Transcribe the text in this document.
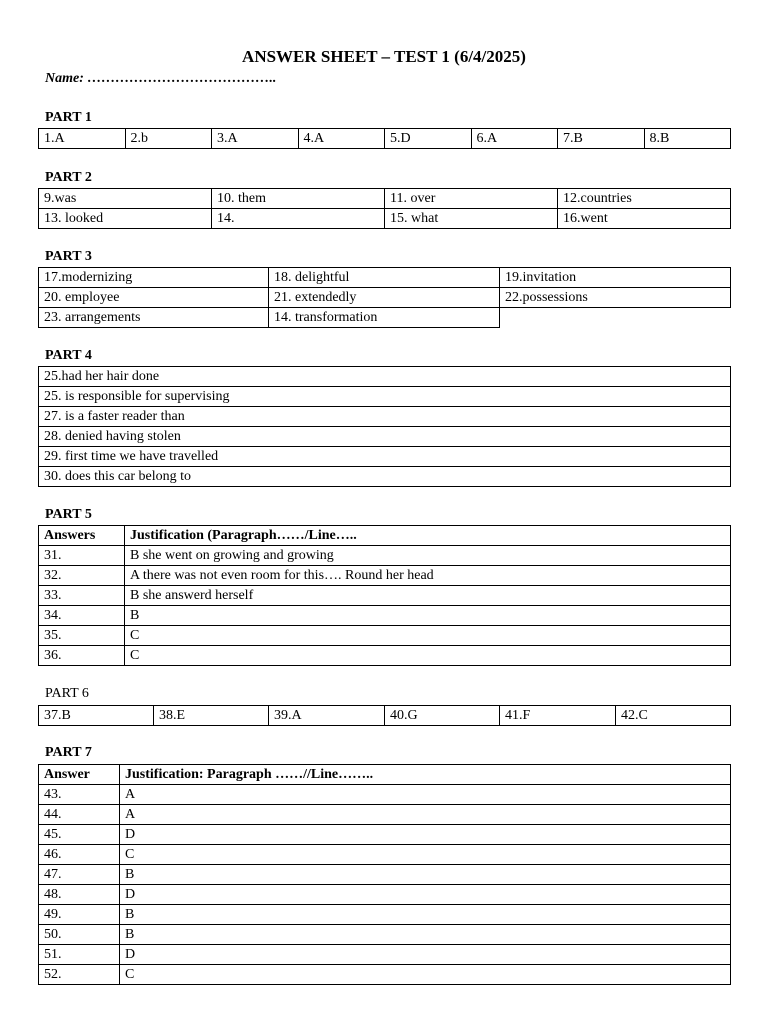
ANSWER SHEET – TEST 1 (6/4/2025)
Name: …………………………………..
PART 1
1.A	2.b	3.A	4.A	5.D	6.A	7.B	8.B
PART 2
9.was	10. them	11. over	12.countries
13. looked	14.	15. what	16.went
PART 3
17.modernizing	18. delightful	19.invitation
20. employee	21. extendedly	22.possessions
23. arrangements	14. transformation	
PART 4
25.had her hair done
25. is responsible for supervising
27. is a faster reader than
28. denied having stolen
29. first time we have travelled
30. does this car belong to
PART 5
Answers	Justification (Paragraph……/Line…..
31.	B she went on growing and growing
32.	A there was not even room for this…. Round her head
33.	B she answerd herself
34.	B
35.	C
36.	C
PART 6
37.B	38.E	39.A	40.G	41.F	42.C
PART 7
Answer	Justification: Paragraph ……//Line……..
43.	A
44.	A
45.	D
46.	C
47.	B
48.	D
49.	B
50.	B
51.	D
52.	C
